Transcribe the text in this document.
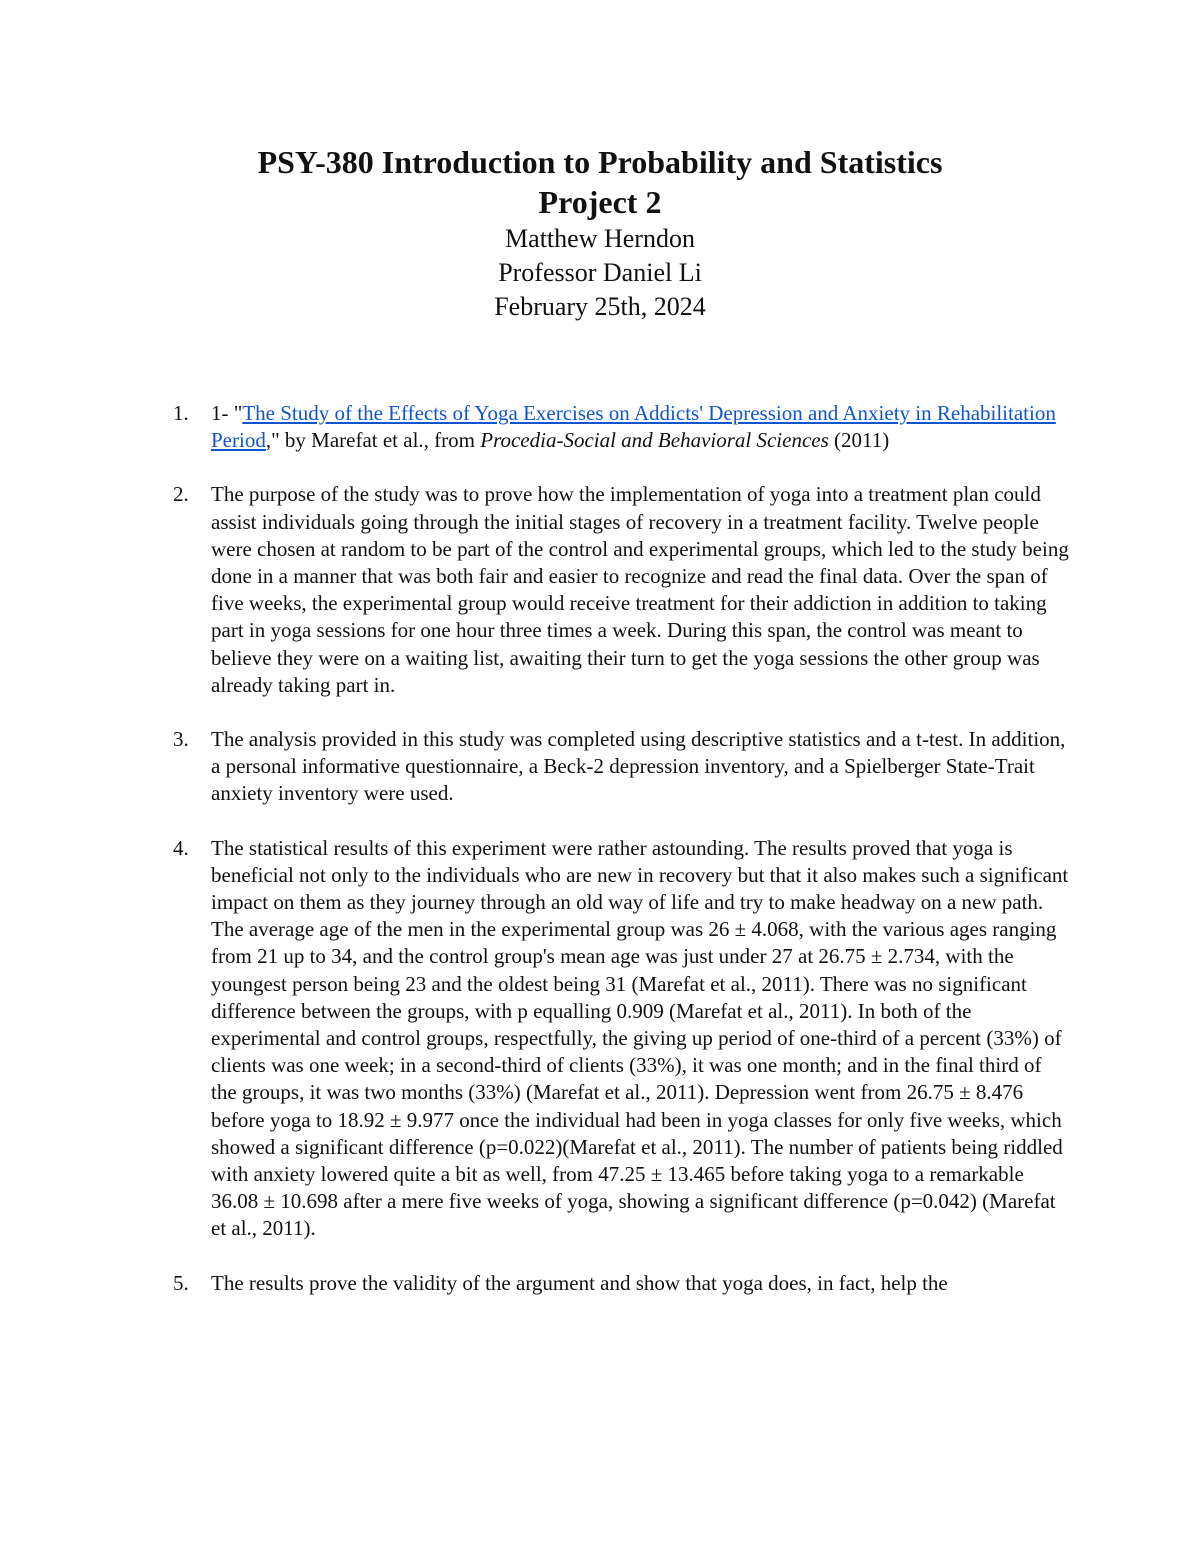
PSY-380 Introduction to Probability and Statistics

Project 2

Matthew Herndon

Professor Daniel Li

February 25th, 2024

1. 1- "The Study of the Effects of Yoga Exercises on Addicts' Depression and Anxiety in Rehabilitation Period," by Marefat et al., from Procedia-Social and Behavioral Sciences (2011)
2. The purpose of the study was to prove how the implementation of yoga into a treatment plan could assist individuals going through the initial stages of recovery in a treatment facility. Twelve people were chosen at random to be part of the control and experimental groups, which led to the study being done in a manner that was both fair and easier to recognize and read the final data. Over the span of five weeks, the experimental group would receive treatment for their addiction in addition to taking part in yoga sessions for one hour three times a week. During this span, the control was meant to believe they were on a waiting list, awaiting their turn to get the yoga sessions the other group was already taking part in.
3. The analysis provided in this study was completed using descriptive statistics and a t-test. In addition, a personal informative questionnaire, a Beck-2 depression inventory, and a Spielberger State-Trait anxiety inventory were used.
4. The statistical results of this experiment were rather astounding. The results proved that yoga is beneficial not only to the individuals who are new in recovery but that it also makes such a significant impact on them as they journey through an old way of life and try to make headway on a new path. The average age of the men in the experimental group was 26 ± 4.068, with the various ages ranging from 21 up to 34, and the control group's mean age was just under 27 at 26.75 ± 2.734, with the youngest person being 23 and the oldest being 31 (Marefat et al., 2011). There was no significant difference between the groups, with p equalling 0.909 (Marefat et al., 2011). In both of the experimental and control groups, respectfully, the giving up period of one-third of a percent (33%) of clients was one week; in a second-third of clients (33%), it was one month; and in the final third of the groups, it was two months (33%) (Marefat et al., 2011). Depression went from 26.75 ± 8.476 before yoga to 18.92 ± 9.977 once the individual had been in yoga classes for only five weeks, which showed a significant difference (p=0.022)(Marefat et al., 2011). The number of patients being riddled with anxiety lowered quite a bit as well, from 47.25 ± 13.465 before taking yoga to a remarkable 36.08 ± 10.698 after a mere five weeks of yoga, showing a significant difference (p=0.042) (Marefat et al., 2011).
5. The results prove the validity of the argument and show that yoga does, in fact, help the
